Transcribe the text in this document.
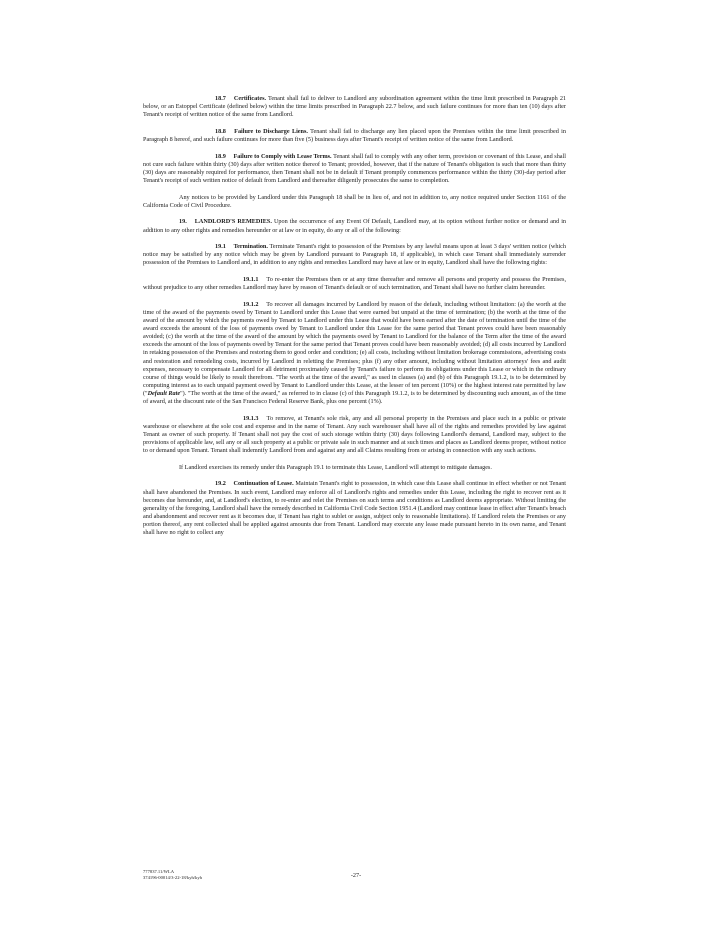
18.7 Certificates. Tenant shall fail to deliver to Landlord any subordination agreement within the time limit prescribed in Paragraph 21 below, or an Estoppel Certificate (defined below) within the time limits prescribed in Paragraph 22.7 below, and such failure continues for more than ten (10) days after Tenant's receipt of written notice of the same from Landlord.

18.8 Failure to Discharge Liens. Tenant shall fail to discharge any lien placed upon the Premises within the time limit prescribed in Paragraph 8 hereof, and such failure continues for more than five (5) business days after Tenant's receipt of written notice of the same from Landlord.

18.9 Failure to Comply with Lease Terms. Tenant shall fail to comply with any other term, provision or covenant of this Lease, and shall not cure such failure within thirty (30) days after written notice thereof to Tenant; provided, however, that if the nature of Tenant's obligation is such that more than thirty (30) days are reasonably required for performance, then Tenant shall not be in default if Tenant promptly commences performance within the thirty (30)-day period after Tenant's receipt of such written notice of default from Landlord and thereafter diligently prosecutes the same to completion.

Any notices to be provided by Landlord under this Paragraph 18 shall be in lieu of, and not in addition to, any notice required under Section 1161 of the California Code of Civil Procedure.

19. LANDLORD'S REMEDIES. Upon the occurrence of any Event Of Default, Landlord may, at its option without further notice or demand and in addition to any other rights and remedies hereunder or at law or in equity, do any or all of the following:

19.1 Termination. Terminate Tenant's right to possession of the Premises by any lawful means upon at least 3 days' written notice (which notice may be satisfied by any notice which may be given by Landlord pursuant to Paragraph 18, if applicable), in which case Tenant shall immediately surrender possession of the Premises to Landlord and, in addition to any rights and remedies Landlord may have at law or in equity, Landlord shall have the following rights:

19.1.1 To re-enter the Premises then or at any time thereafter and remove all persons and property and possess the Premises, without prejudice to any other remedies Landlord may have by reason of Tenant's default or of such termination, and Tenant shall have no further claim hereunder.

19.1.2 To recover all damages incurred by Landlord by reason of the default, including without limitation: (a) the worth at the time of the award of the payments owed by Tenant to Landlord under this Lease that were earned but unpaid at the time of termination; (b) the worth at the time of the award of the amount by which the payments owed by Tenant to Landlord under this Lease that would have been earned after the date of termination until the time of the award exceeds the amount of the loss of payments owed by Tenant to Landlord under this Lease for the same period that Tenant proves could have been reasonably avoided; (c) the worth at the time of the award of the amount by which the payments owed by Tenant to Landlord for the balance of the Term after the time of the award exceeds the amount of the loss of payments owed by Tenant for the same period that Tenant proves could have been reasonably avoided; (d) all costs incurred by Landlord in retaking possession of the Premises and restoring them to good order and condition; (e) all costs, including without limitation brokerage commissions, advertising costs and restoration and remodeling costs, incurred by Landlord in reletting the Premises; plus (f) any other amount, including without limitation attorneys' fees and audit expenses, necessary to compensate Landlord for all detriment proximately caused by Tenant's failure to perform its obligations under this Lease or which in the ordinary course of things would be likely to result therefrom. "The worth at the time of the award," as used in clauses (a) and (b) of this Paragraph 19.1.2, is to be determined by computing interest as to each unpaid payment owed by Tenant to Landlord under this Lease, at the lesser of ten percent (10%) or the highest interest rate permitted by law ("Default Rate"). "The worth at the time of the award," as referred to in clause (c) of this Paragraph 19.1.2, is to be determined by discounting such amount, as of the time of award, at the discount rate of the San Francisco Federal Reserve Bank, plus one percent (1%).

19.1.3 To remove, at Tenant's sole risk, any and all personal property in the Premises and place such in a public or private warehouse or elsewhere at the sole cost and expense and in the name of Tenant. Any such warehouser shall have all of the rights and remedies provided by law against Tenant as owner of such property. If Tenant shall not pay the cost of such storage within thirty (30) days following Landlord's demand, Landlord may, subject to the provisions of applicable law, sell any or all such property at a public or private sale in such manner and at such times and places as Landlord deems proper, without notice to or demand upon Tenant. Tenant shall indemnify Landlord from and against any and all Claims resulting from or arising in connection with any such actions.

If Landlord exercises its remedy under this Paragraph 19.1 to terminate this Lease, Landlord will attempt to mitigate damages.

19.2 Continuation of Lease. Maintain Tenant's right to possession, in which case this Lease shall continue in effect whether or not Tenant shall have abandoned the Premises. In such event, Landlord may enforce all of Landlord's rights and remedies under this Lease, including the right to recover rent as it becomes due hereunder, and, at Landlord's election, to re-enter and relet the Premises on such terms and conditions as Landlord deems appropriate. Without limiting the generality of the foregoing, Landlord shall have the remedy described in California Civil Code Section 1951.4 (Landlord may continue lease in effect after Tenant's breach and abandonment and recover rent as it becomes due, if Tenant has right to sublet or assign, subject only to reasonable limitations). If Landlord relets the Premises or any portion thereof, any rent collected shall be applied against amounts due from Tenant. Landlord may execute any lease made pursuant hereto in its own name, and Tenant shall have no right to collect any

777837.11/WLA
374196-00014/3-22-18/kyh/kyh	-27-
